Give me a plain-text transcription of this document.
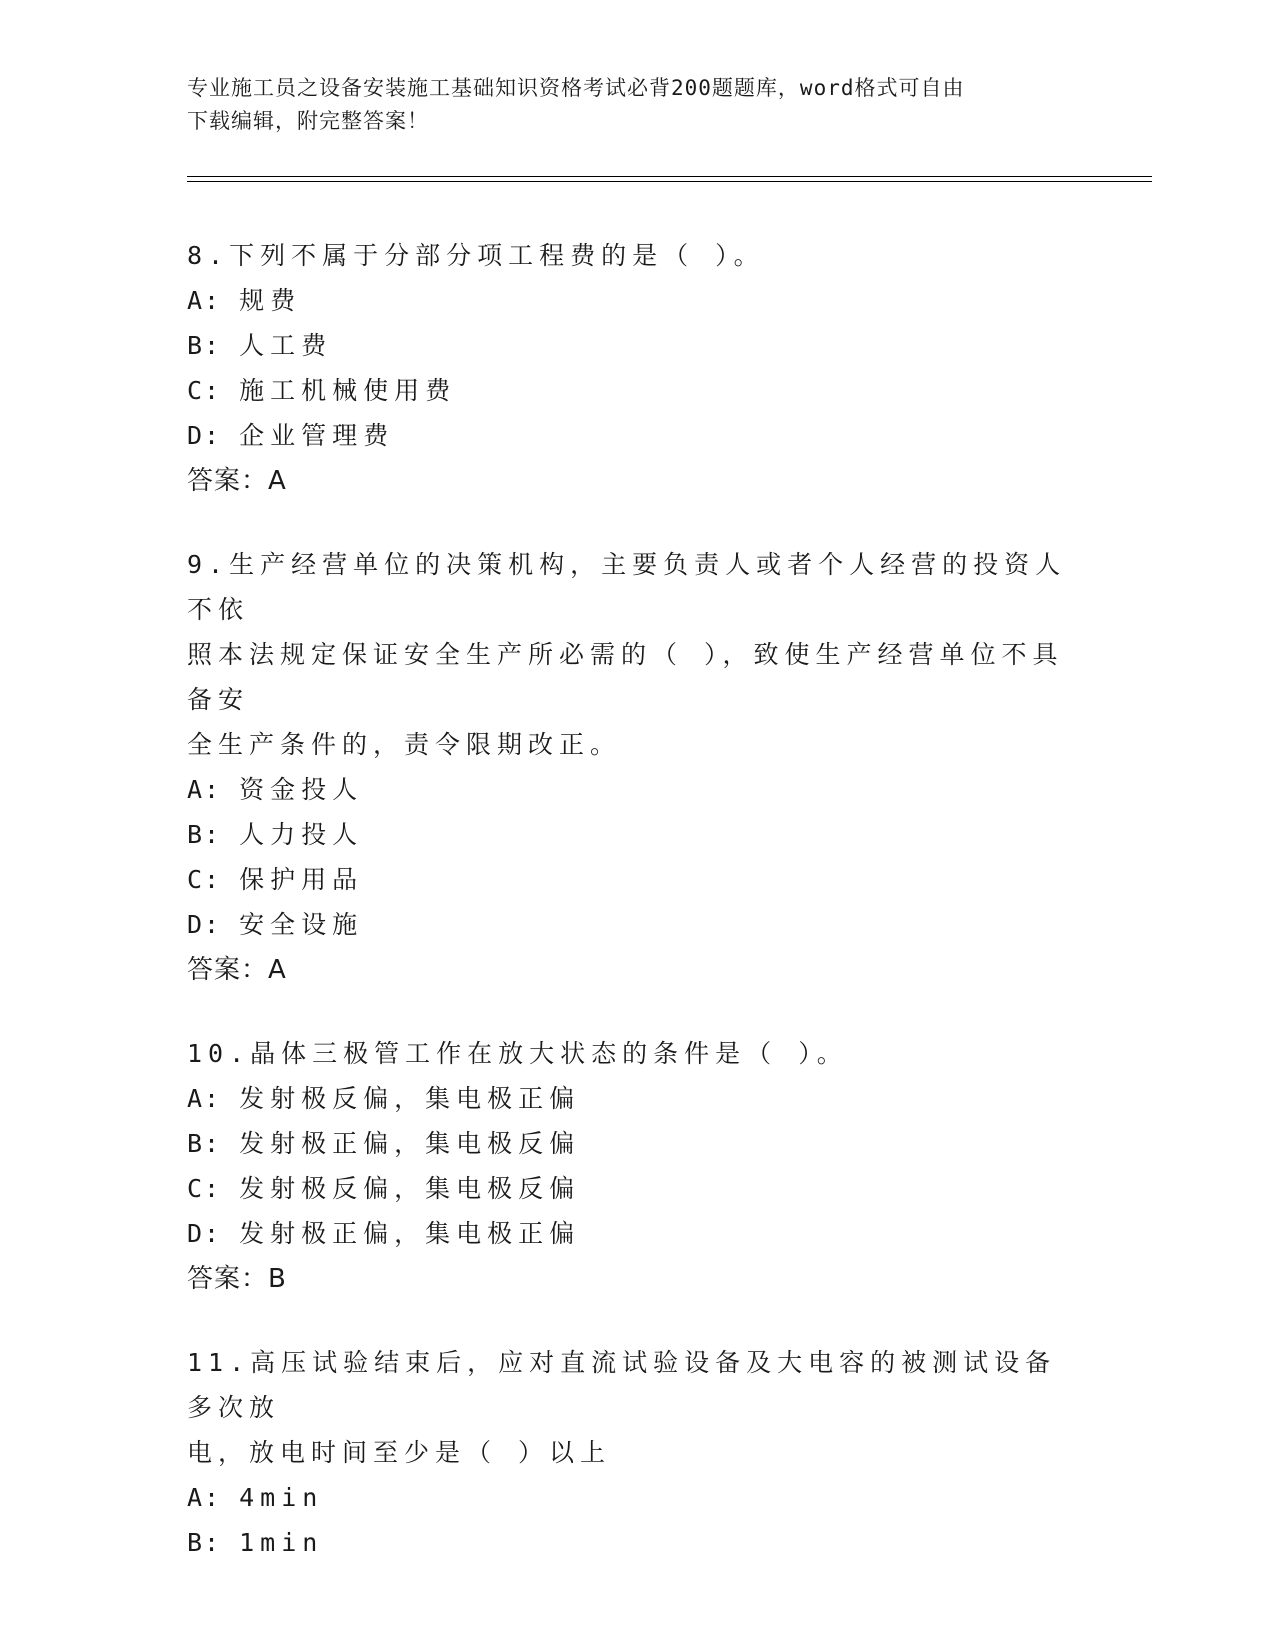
专业施工员之设备安装施工基础知识资格考试必背200题题库，word格式可自由
下载编辑，附完整答案！

8.下列不属于分部分项工程费的是（ ）。

A: 规费

B: 人工费

C: 施工机械使用费

D: 企业管理费

答案：A

9.生产经营单位的决策机构，主要负责人或者个人经营的投资人不依

照本法规定保证安全生产所必需的（ ），致使生产经营单位不具备安

全生产条件的，责令限期改正。

A: 资金投人

B: 人力投人

C: 保护用品

D: 安全设施

答案：A

10.晶体三极管工作在放大状态的条件是（ ）。

A: 发射极反偏，集电极正偏

B: 发射极正偏，集电极反偏

C: 发射极反偏，集电极反偏

D: 发射极正偏，集电极正偏

答案：B

11.高压试验结束后，应对直流试验设备及大电容的被测试设备多次放

电，放电时间至少是（ ）以上

A: 4min

B: 1min
